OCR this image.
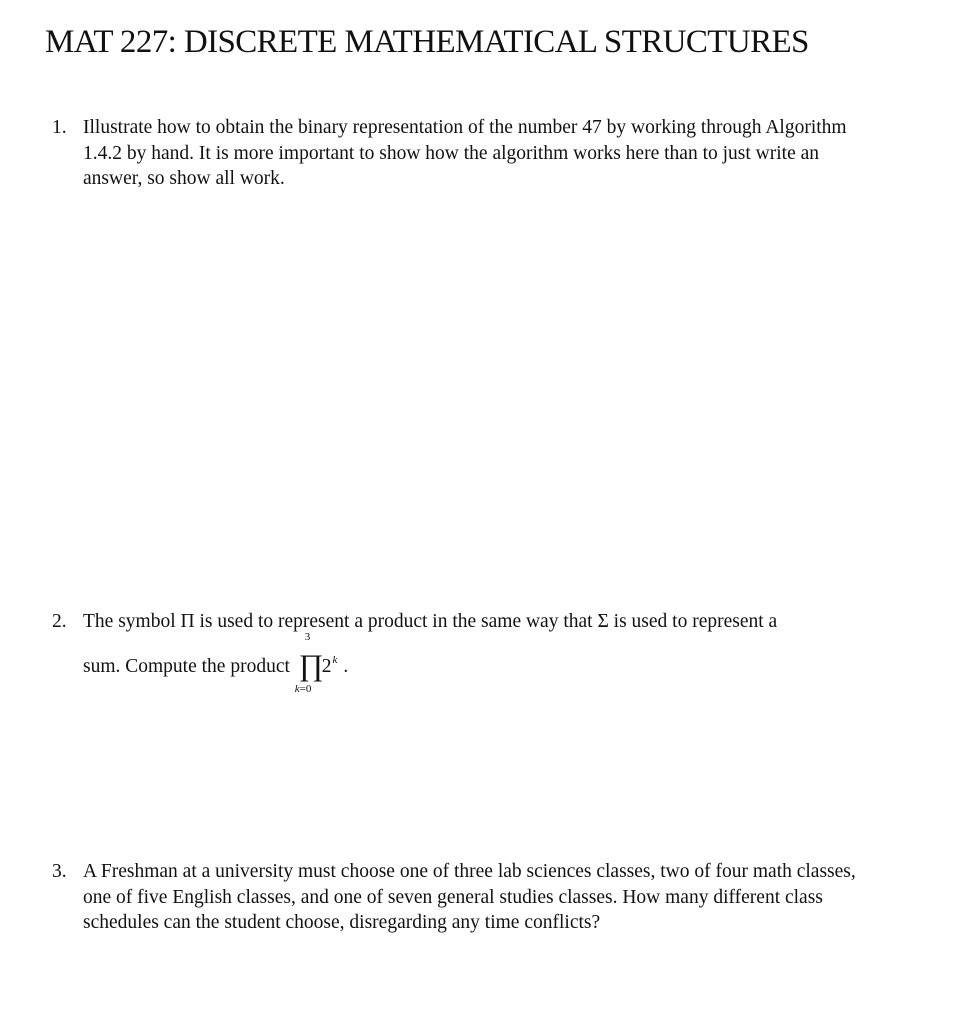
MAT 227: DISCRETE MATHEMATICAL STRUCTURES
1. Illustrate how to obtain the binary representation of the number 47 by working through Algorithm 1.4.2 by hand. It is more important to show how the algorithm works here than to just write an answer, so show all work.
2. The symbol Π is used to represent a product in the same way that Σ is used to represent a
sum. Compute the product
3
∏
k=0
2$^k$ .
3. A Freshman at a university must choose one of three lab sciences classes, two of four math classes, one of five English classes, and one of seven general studies classes. How many different class schedules can the student choose, disregarding any time conflicts?
